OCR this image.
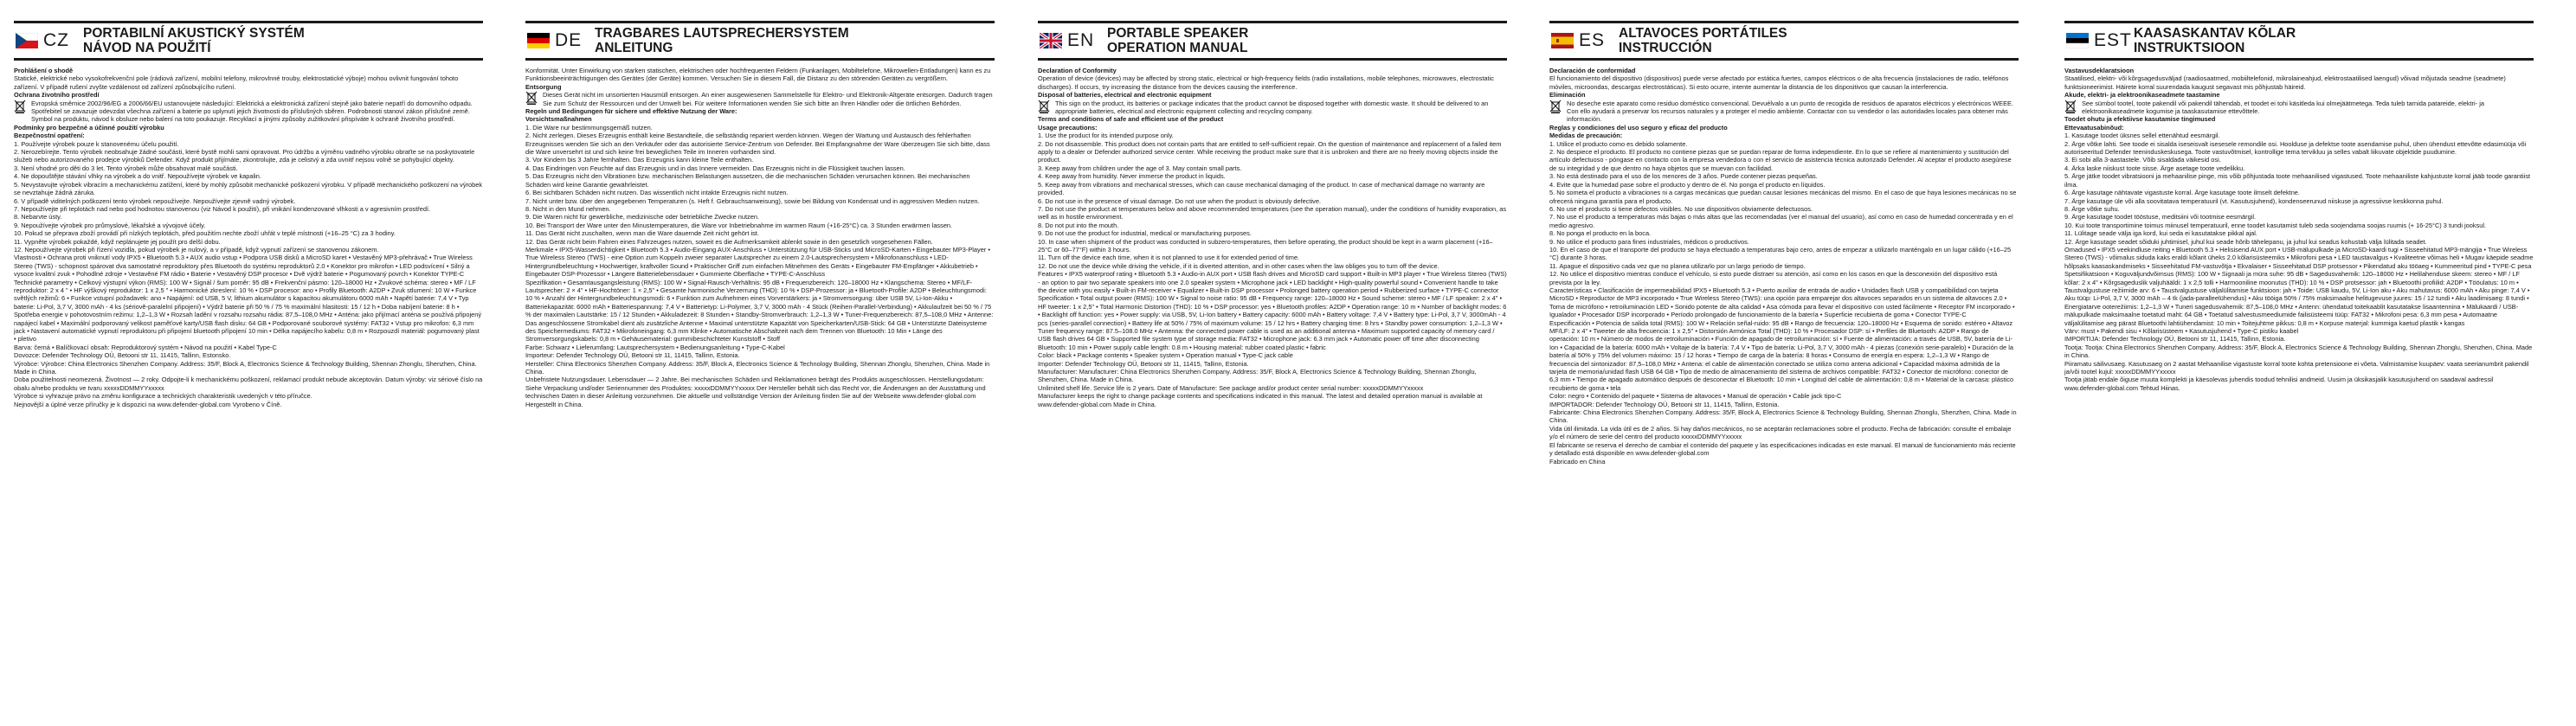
CZ	PORTABILNÍ AKUSTICKÝ SYSTÉM
NÁVOD NA POUŽITÍ

Prohlášení o shodě

Statické, elektrické nebo vysokofrekvenční pole (rádiová zařízení, mobilní telefony, mikrovlnné trouby, elektrostatické výboje) mohou ovlivnit fungování tohoto zařízení. V případě rušení zvyšte vzdálenost od zařízení způsobujícího rušení.

Ochrana životního prostředí

Evropská směrnice 2002/96/EG a 2006/66/EU ustanovujete následující: Elektrická a elektronická zařízení stejně jako baterie nepatří do domovního odpadu. Spotřebitel se zavazuje odevzdat všechna zařízení a baterie po uplynutí jejich životnosti do příslušných sběren. Podrobnosti stanoví zákon příslušné země. Symbol na produktu, návod k obsluze nebo balení na toto poukazuje. Recyklací a jinými způsoby zužitkování přispíváte k ochraně životního prostředí.

Podmínky pro bezpečné a účinné použití výrobku

Bezpečnostní opatření:

1. Používejte výrobek pouze k stanovenému účelu použití.

2. Nerozebírejte. Tento výrobek neobsahuje žádné součásti, které bystě mohli sami opravovat. Pro údržbu a výměnu vadného výrobku obraťte se na poskytovatele služeb nebo autorizovaného prodejce výrobků Defender. Když produkt přijímáte, zkontrolujte, zda je celistvý a zda uvnitř nejsou volně se pohybující objekty.

3. Není vhodné pro děti do 3 let. Tento výrobek může obsahovat malé součásti.

4. Ne dopouštějte stávání vlhky na výrobek a do vnitř. Nepoužívejte výrobek ve kapalin.

5. Nevystavujte výrobek vibracím a mechanickému zatížení, které by mohly způsobit mechanické poškození výrobku. V případě mechanického poškození na výrobek se nevztahuje žádná záruka.

6. V případě viditelných poškození tento výrobek nepoužívejte. Nepoužívejte zjevně vadný výrobek.

7. Nepoužívejte při teplotách nad nebo pod hodnotou stanovenou (viz Návod k použití), při vnikání kondenzované vlhkosti a v agresivním prostředí.

8. Nebarvte ústy.

9. Nepoužívejte výrobek pro průmyslové, lékařské a vývojové účely.

10. Pokud se přeprava zboží provádí při nízkých teplotách, před použitím nechte zboží uhřát v teplé místnosti (+16–25 °C) za 3 hodiny.

11. Vypněte výrobek pokaždé, když neplánujete jej použít pro delší dobu.

12. Nepoužívejte výrobek při řízení vozidla, pokud výrobek je nulový, a v případě, když vypnutí zařízení se stanovenou zákonem.

Vlastnosti • Ochrana proti vniknutí vody IPX5 • Bluetooth 5.3 • AUX audio vstup • Podpora USB disků a MicroSD karet • Vestavěný MP3-přehrávač • True Wireless Stereo (TWS) - schopnost spárovat dva samostatné reproduktory přes Bluetooth do systému reproduktorů 2.0 • Konektor pro mikrofon • LED podsvícení • Silný a vysoce kvalitní zvuk • Pohodlné zdroje • Vestavěné FM rádio • Baterie • Vestavěný DSP procesor • Dvě výdrž baterie • Pogumovaný povrch • Konektor TYPE-C

Technické parametry • Celkový výstupní výkon (RMS): 100 W • Signál / šum poměr: 95 dB • Frekvenční pásmo: 120–18000 Hz • Zvukové schéma: stereo • MF / LF reproduktor: 2 x 4 " • HF výškový reproduktor: 1 x 2,5 " • Harmonické zkreslení: 10 % • DSP procesor: ano • Profily Bluetooth: A2DP • Zvuk stlumení: 10 W • Funkce světlých režimů: 6 • Funkce vstupní požadavek: ano • Napájení: od USB, 5 V, lithium akumulátor s kapacitou akumulátoru 6000 mAh • Napětí baterie: 7,4 V • Typ baterie: Li-Pol, 3,7 V, 3000 mAh - 4 ks (sériově-paralelní připojení) • Výdrž baterie při 50 % / 75 % maximální hlasitosti: 15 / 12 h • Doba nabíjení baterie: 8 h • Spotřeba energie v pohotovostním režimu: 1,2–1,3 W • Rozsah ladění v rozsahu rozsahu rádia: 87,5–108,0 MHz • Anténa: jako přijímací anténa se používá připojený napájecí kabel • Maximální podporovaný velikost paměťové karty/USB flash disku: 64 GB • Podporované souborové systémy: FAT32 • Vstup pro mikrofon: 6,3 mm jack • Nastavení automatické vypnutí reproduktoru při připojení bluetooth přípojení 10 min • Délka napájecího kabelu: 0,8 m • Rozpouzdí materiál: pogumovaný plast • pletivo

Barva: černá • Balíčkovací obsah: Reproduktorový systém • Návod na použití • Kabel Type-C

Dovozce: Defender Technology OÜ, Betooni str 11, 11415, Tallinn, Estonsko.

Výrobce: Výrobce: China Electronics Shenzhen Company. Address: 35/F, Block A, Electronics Science & Technology Building, Shennan Zhonglu, Shenzhen, China. Made in China.

Doba použitelnosti neomezená. Životnost — 2 roky. Odpojte-li k mechanickému poškození, reklamací produkt nebude akceptován. Datum výroby: viz sériové číslo na obalu a/nebo produktu ve tvaru xxxxxDDMMYYxxxxx

Výrobce si vyhrazuje právo na změnu konfigurace a technických charakteristik uvedených v této příručce.

Nejnovější a úplné verze příručky je k dispozici na www.defender-global.com Vyrobeno v Číně.

DE TRAGBARES LAUTSPRECHERSYSTEM
ANLEITUNG

Konformität. Unter Einwirkung von starken statischen, elektrischen oder hochfrequenten Feldern (Funkanlagen, Mobiltelefone, Mikrowellen-Entladungen) kann es zu Funktionsbeeinträchtigungen des Gerätes (der Geräte) kommen. Versuchen Sie in diesem Fall, die Distanz zu den störenden Geräten zu vergrößern.

Entsorgung

Dieses Gerät nicht im unsortierten Hausmüll entsorgen. An einer ausgewiesenen Sammelstelle für Elektro- und Elektronik-Altgeräte entsorgen. Dadurch tragen Sie zum Schutz der Ressourcen und der Umwelt bei. Für weitere Informationen wenden Sie sich bitte an Ihren Händler oder die örtlichen Behörden.

Regeln und Bedingungen für sichere und effektive Nutzung der Ware:

Vorsichtsmaßnahmen

1. Die Ware nur bestimmungsgemäß nutzen.

2. Nicht zerlegen. Dieses Erzeugnis enthält keine Bestandteile, die selbständig repariert werden können. Wegen der Wartung und Austausch des fehlerhaften Erzeugnisses wenden Sie sich an den Verkäufer oder das autorisierte Service-Zentrum von Defender. Bei Empfangnahme der Ware überzeugen Sie sich bitte, dass die Ware unversehrt ist und sich keine frei beweglichen Teile im Inneren vorhanden sind.

3. Vor Kindern bis 3 Jahre fernhalten. Das Erzeugnis kann kleine Teile enthalten.

4. Das Eindringen von Feuchte auf das Erzeugnis und in das Innere vermeiden. Das Erzeugnis nicht in die Flüssigkeit tauchen lassen.

5. Das Erzeugnis nicht den Vibrationen bzw. mechanischen Belastungen aussetzen, die die mechanischen Schäden verursachen können. Bei mechanischen Schäden wird keine Garantie gewährleistet.

6. Bei sichtbaren Schäden nicht nutzen. Das wissentlich nicht intakte Erzeugnis nicht nutzen.

7. Nicht unter bzw. über den angegebenen Temperaturen (s. Heft f. Gebrauchsanweisung), sowie bei Bildung von Kondensat und in aggressiven Medien nutzen.

8. Nicht in den Mund nehmen.

9. Die Waren nicht für gewerbliche, medizinische oder betriebliche Zwecke nutzen.

10. Bei Transport der Ware unter den Minustemperaturen, die Ware vor Inbetriebnahme im warmen Raum (+16-25°C) ca. 3 Stunden erwärmen lassen.

11. Das Gerät nicht zuschalten, wenn man die Ware dauernde Zeit nicht gehört ist.

12. Das Gerät nicht beim Fahren eines Fahrzeuges nutzen, soweit es die Aufmerksamkeit ablenkt sowie in den gesetzlich vorgesehenen Fällen.

Merkmale • IPX5-Wasserdichtigkeit • Bluetooth 5.3 • Audio-Eingang AUX-Anschluss • Unterstützung für USB-Sticks und MicroSD-Karten • Eingebauter MP3-Player • True Wireless Stereo (TWS) - eine Option zum Koppeln zweier separater Lautsprecher zu einem 2.0-Lautsprechersystem • Mikrofonanschluss • LED-Hintergrundbeleuchtung • Hochwertiger, kraftvoller Sound • Praktischer Griff zum einfachen Mitnehmen des Geräts • Eingebauter FM-Empfänger • Akkubetrieb • Eingebauter DSP-Prozessor • Längere Batterielebensdauer • Gummierte Oberfläche • TYPE-C-Anschluss

Spezifikation • Gesamtausgangsleistung (RMS): 100 W • Signal-Rausch-Verhältnis: 95 dB • Frequenzbereich: 120–18000 Hz • Klangschema: Stereo • MF/LF-Lautsprecher: 2 × 4" • HF-Hochtöner: 1 × 2,5" • Gesamte harmonische Verzerrung (THD): 10 % • DSP-Prozessor: ja • Bluetooth-Profile: A2DP • Beleuchtungsmodi: 10 % • Anzahl der Hintergrundbeleuchtungsmodi: 6 • Funktion zum Aufnehmen eines Vorverstärkers: ja • Stromversorgung: über USB 5V, Li-Ion-Akku • Batteriekapazität: 6000 mAh • Batteriespannung: 7,4 V • Batterietyp: Li-Polymer, 3,7 V, 3000 mAh - 4 Stück (Reihen-Parallel-Verbindung) • Akkulaufzeit bei 50 % / 75 % der maximalen Lautstärke: 15 / 12 Stunden • Akkuladezeit: 8 Stunden • Standby-Stromverbrauch: 1,2–1,3 W • Tuner-Frequenzbereich: 87,5–108,0 MHz • Antenne: Das angeschlossene Stromkabel dient als zusätzliche Antenne • Maximal unterstützte Kapazität von Speicherkarten/USB-Stick: 64 GB • Unterstützte Dateisysteme des Speichermediums: FAT32 • Mikrofoneingang: 6,3 mm Klinke • Automatische Abschaltzeit nach dem Trennen von Bluetooth: 10 Min • Länge des Stromversorgungskabels: 0,8 m • Gehäusematerial: gummibeschichteter Kunststoff • Stoff

Farbe: Schwarz • Lieferumfang: Lautsprechersystem • Bedienungsanleitung • Type-C-Kabel

Importeur: Defender Technology OÜ, Betooni str 11, 11415, Tallinn, Estonia.

Hersteller: China Electronics Shenzhen Company. Address: 35/F, Block A, Electronics Science & Technology Building, Shennan Zhonglu, Shenzhen, China. Made in China.

Unbefristete Nutzungsdauer. Lebensdauer — 2 Jahre. Bei mechanischen Schäden und Reklamationen beträgt des Produkts ausgeschlossen. Herstellungsdatum: Siehe Verpackung und/oder Seriennummer des Produktes: xxxxxDDMMYYxxxxx Der Hersteller behält sich das Recht vor, die Änderungen an der Ausstattung und technischen Daten in dieser Anleitung vorzunehmen. Die aktuelle und vollständige Version der Anleitung finden Sie auf der Webseite www.defender-global.com Hergestellt in China.

EN PORTABLE SPEAKER
OPERATION MANUAL

Declaration of Conformity

Operation of device (devices) may be affected by strong static, electrical or high-frequency fields (radio installations, mobile telephones, microwaves, electrostatic discharges). If occurs, try increasing the distance from the devices causing the interference.

Disposal of batteries, electrical and electronic equipment

This sign on the product, its batteries or package indicates that the product cannot be disposed together with domestic waste. It should be delivered to an appropriate batteries, electrical and electronic equipment collecting and recycling company.

Terms and conditions of safe and efficient use of the product

Usage precautions:

1. Use the product for its intended purpose only.

2. Do not disassemble. This product does not contain parts that are entitled to self-sufficient repair. On the question of maintenance and replacement of a failed item apply to a dealer or Defender authorized service center. While receiving the product make sure that it is unbroken and there are no freely moving objects inside the product.

3. Keep away from children under the age of 3. May contain small parts.

4. Keep away from humidity. Never immerse the product in liquids.

5. Keep away from vibrations and mechanical stresses, which can cause mechanical damaging of the product. In case of mechanical damage no warranty are provided.

6. Do not use in the presence of visual damage. Do not use when the product is obviously defective.

7. Do not use the product at temperatures below and above recommended temperatures (see the operation manual), under the conditions of humidity evaporation, as well as in hostile environment.

8. Do not put into the mouth.

9. Do not use the product for industrial, medical or manufacturing purposes.

10. In case when shipment of the product was conducted in subzero-temperatures, then before operating, the product should be kept in a warm placement (+16–25°C or 60–77°F) within 3 hours.

11. Turn off the device each time, when it is not planned to use it for extended period of time.

12. Do not use the device while driving the vehicle, if it is diverted attention, and in other cases when the law obliges you to turn off the device.

Features • IPX5 waterproof rating • Bluetooth 5.3 • Audio-in AUX port • USB flash drives and MicroSD card support • Built-in MP3 player • True Wireless Stereo (TWS) - an option to pair two separate speakers into one 2.0 speaker system • Microphone jack • LED backlight • High-quality powerful sound • Convenient handle to take the device with you easily • Built-in FM-receiver • Equalizer • Built-in DSP processor • Prolonged battery operation period • Rubberized surface • TYPE-C connector

Specification • Total output power (RMS): 100 W • Signal to noise ratio: 95 dB • Frequency range: 120–18000 Hz • Sound scheme: stereo • MF / LF speaker: 2 x 4" • HF tweeter: 1 x 2,5" • Total Harmonic Distortion (THD): 10 % • DSP processor: yes • Bluetooth profiles: A2DP • Operation range: 10 m • Number of backlight modes: 6 • Backlight off function: yes • Power supply: via USB, 5V, Li-Ion battery • Battery capacity: 6000 mAh • Battery voltage: 7,4 V • Battery type: Li-Pol, 3,7 V, 3000mAh - 4 pcs (series-parallel connection) • Battery life at 50% / 75% of maximum volume: 15 / 12 hrs • Battery charging time: 8 hrs • Standby power consumption: 1,2–1,3 W • Tuner frequency range: 87.5–108.0 MHz • Antenna: the connected power cable is used as an additional antenna • Maximum supported capacity of memory card / USB flash drives 64 GB • Supported file system type of storage media: FAT32 • Microphone jack: 6.3 mm jack • Automatic power off time after disconnecting Bluetooth: 10 min • Power supply cable length: 0.8 m • Housing material: rubber coated plastic • fabric

Color: black • Package contents • Speaker system • Operation manual • Type-C jack cable

Importer: Defender Technology OÜ, Betooni str 11, 11415, Tallinn, Estonia.

Manufacturer: Manufacturer: China Electronics Shenzhen Company. Address: 35/F, Block A, Electronics Science & Technology Building, Shennan Zhonglu, Shenzhen, China. Made in China.

Unlimited shelf life. Service life is 2 years. Date of Manufacture: See package and/or product center serial number: xxxxxDDMMYYxxxxx

Manufacturer keeps the right to change package contents and specifications indicated in this manual. The latest and detailed operation manual is available at www.defender-global.com Made in China.

ES	ALTAVOCES PORTÁTILES
INSTRUCCIÓN

Declaración de conformidad

El funcionamiento del dispositivo (dispositivos) puede verse afectado por estática fuertes, campos eléctricos o de alta frecuencia (instalaciones de radio, teléfonos móviles, microondas, descargas electrostáticas). Si esto ocurre, intente aumentar la distancia de los dispositivos que causan la interferencia.

Eliminación

No deseche este aparato como residuo doméstico convencional. Devuélvalo a un punto de recogida de residuos de aparatos eléctricos y electrónicos WEEE. Con ello ayudará a preservar los recursos naturales y a proteger el medio ambiente. Contactar con su vendedor o las autoridades locales para obtener más información.

Reglas y condiciones del uso seguro y eficaz del producto

Medidas de precaución:

1. Utilice el producto como es debido solamente.

2. No despiece el producto. El producto no contiene piezas que se puedan reparar de forma independiente. En lo que se refiere al mantenimiento y sustitución del artículo defectuoso - póngase en contacto con la empresa vendedora o con el servicio de asistencia técnica autorizado Defender. Al aceptar el producto asegúrese de su integridad y de que dentro no haya objetos que se muevan con facilidad.

3. No está destinado para el uso de los menores de 3 años. Puede contener piezas pequeñas.

4. Evite que la humedad pase sobre el producto y dentro de él. No ponga el producto en líquidos.

5. No someta el producto a vibraciones ni a cargas mecánicas que puedan causar lesiones mecánicas del mismo. En el caso de que haya lesiones mecánicas no se ofrecerá ninguna garantía para el producto.

6. No use el producto si tiene defectos visibles. No use dispositivos obviamente defectuosos.

7. No use el producto a temperaturas más bajas o más altas que las recomendadas (ver el manual del usuario), así como en caso de humedad concentrada y en el medio agresivo.

8. No ponga el producto en la boca.

9. No utilice el producto para fines industriales, médicos o productivos.

10. En el caso de que el transporte del producto se haya efectuado a temperaturas bajo cero, antes de empezar a utilizarlo manténgalo en un lugar cálido (+16–25 °C) durante 3 horas.

11. Apague el dispositivo cada vez que no planea utilizarlo por un largo periodo de tiempo.

12. No utilice el dispositivo mientras conduce el vehículo, si esto puede distraer su atención, así como en los casos en que la desconexión del dispositivo está prevista por la ley.

Características • Clasificación de impermeabilidad IPX5 • Bluetooth 5.3 • Puerto auxiliar de entrada de audio • Unidades flash USB y compatibilidad con tarjeta MicroSD • Reproductor de MP3 incorporado • True Wireless Stereo (TWS): una opción para emparejar dos altavoces separados en un sistema de altavoces 2.0 • Toma de micrófono • retroiluminación LED • Sonido potente de alta calidad • Asa cómoda para llevar el dispositivo con usted fácilmente • Receptor FM incorporado • Igualador • Procesador DSP incorporado • Período prolongado de funcionamiento de la batería • Superficie recubierta de goma • Conector TYPE-C

Especificación • Potencia de salida total (RMS): 100 W • Relación señal-ruido: 95 dB • Rango de frecuencia: 120–18000 Hz • Esquema de sonido: estéreo • Altavoz MF/LF: 2 x 4" • Tweeter de alta frecuencia: 1 x 2,5" • Distorsión Armónica Total (THD): 10 % • Procesador DSP: sí • Perfiles de Bluetooth: A2DP • Rango de operación: 10 m • Número de modos de retroiluminación • Función de apagado de retroiluminación: sí • Fuente de alimentación: a través de USB, 5V, batería de Li-Ion • Capacidad de la batería: 6000 mAh • Voltaje de la batería: 7,4 V • Tipo de batería: Li-Pol, 3,7 V, 3000 mAh - 4 piezas (conexión serie-paralelo) • Duración de la batería al 50% y 75% del volumen máximo: 15 / 12 horas • Tiempo de carga de la batería: 8 horas • Consumo de energía en espera: 1,2–1,3 W • Rango de frecuencia del sintonizador: 87,5–108,0 MHz • Antena: el cable de alimentación conectado se utiliza como antena adicional • Capacidad máxima admitida de la tarjeta de memoria/unidad flash USB 64 GB • Tipo de medio de almacenamiento del sistema de archivos compatible: FAT32 • Conector de micrófono: conector de 6,3 mm • Tiempo de apagado automático después de desconectar el Bluetooth: 10 min • Longitud del cable de alimentación: 0,8 m • Material de la carcasa: plástico recubierto de goma • tela

Color: negro • Contenido del paquete • Sistema de altavoces • Manual de operación • Cable jack tipo-C

IMPORTADOR: Defender Technology OÜ, Betooni str 11, 11415, Tallinn, Estonia.

Fabricante: China Electronics Shenzhen Company. Address: 35/F, Block A, Electronics Science & Technology Building, Shennan Zhonglu, Shenzhen, China. Made in China.

Vida útil ilimitada. La vida útil es de 2 años. Si hay daños mecánicos, no se aceptarán reclamaciones sobre el producto. Fecha de fabricación: consulte el embalaje y/o el número de serie del centro del producto xxxxxDDMMYYxxxxx

El fabricante se reserva el derecho de cambiar el contenido del paquete y las especificaciones indicadas en este manual. El manual de funcionamiento más reciente y detallado está disponible en www.defender-global.com

Fabricado en China

EST KAASASKANTAV KÕLAR
INSTRUKTSIOON

Vastavusdeklaratsioon

Staatilised, elektri- või kõrgsagedusväljad (raadiosaatmed, mobiiltelefonid, mikrolaineahjud, elektrostaatilised laengud) võivad mõjutada seadme (seadmete) funktsioneerimist. Häirete korral suurendada kaugust segavast mis põhjustab häireid.

Akude, elektri- ja elektroonikaseadmete taastamine

See sümbol tootel, toote pakendil või pakendil tähendab, et toodet ei tohi käsitleda kui olmejäätmetega. Teda tuleb tarnida patareide, elektri- ja elektroonikaseadmete kogumise ja taaskasutamise ettevõttele.

Toodet ohutu ja efektiivse kasutamise tingimused

Ettevaatusabinõud:

1. Kasutage toodet üksnes sellel ettenähtud eesmärgil.

2. Ärge võtke lahti. See toode ei sisalda iseseisvalt isesesele remondile osi. Hoolduse ja defektse toote asendamise puhul, ühen ühendust ettevõtte edasimüüja või autoriseeritud Defender teeninduskeskusega. Toote vastuvõtmisel, kontrollige tema tervikluu ja selles vabalt liikuvate objektide puudumine.

3. Ei sobi alla 3-aastastele. Võib sisaldada väikesid osi.

4. Ärka laske niiskust toote sisse. Ärge asetage toote vedelikku.

5. Ärge jätke toodet vibratsiooni ja mehaanilise pinge, mis võib põhjustada toote mehaanilised vigastused. Toote mehaaniliste kahjustuste korral jääb toode garantiist ilma.

6. Ärge kasutage nähtavate vigastuste korral. Ärge kasutage toote ilmselt defektne.

7. Ärge kasutage üle või alla soovitatava temperatuuril (vt. Kasutusjuhend), kondenseerunud niiskuse ja agressiivse keskkonna puhul.

8. Ärge võtke suhu.

9. Ärge kasutage toodet tööstuse, meditsiini või tootmise eesmärgil.

10. Kui toote transportimine toimus miinusel temperatuuril, enne toodet kasutamist tuleb seda soojendama soojas ruumis (+ 16-25°C) 3 tundi jooksul.

11. Lülitage seade välja iga kord, kui seda ei kasutatakse pikkal ajal.

12. Ärge kasutage seadet sõiduki juhtimisel, juhul kui seade hõrib tähelepanu, ja juhul kui seadus kohustab välja lülitada seadet.

Omadused • IPX5 veekindluse reiting • Bluetooth 5.3 • Helisisend AUX port • USB-mälupulkade ja MicroSD-kaardi tugi • Sisseehitatud MP3-mängija • True Wireless Stereo (TWS) - võimalus siduda kaks eraldi kõlarit üheks 2.0 kõlarisüsteemiks • Mikrofoni pesa • LED taustavalgus • Kvaliteetne võimas heli • Mugav käepide seadme hõlpsaks kaasaskandmiseks • Sisseehitatud FM-vastuvõtja • Ekvalaiser • Sisseehitatud DSP protsessor • Pikendatud aku tööaeg • Kummeeritud pind • TYPE-C pesa

Spetsifikatsioon • Koguväljundvõimsus (RMS): 100 W • Signaali ja müra suhe: 95 dB • Sagedusvahemik: 120–18000 Hz • Helilahenduse skeem: stereo • MF / LF kõlar: 2 x 4" • Kõrgsageduslik valjuhääldi: 1 x 2,5 tolli • Harmooniline moonutus (THD): 10 % • DSP protsessor: jah • Bluetoothi profiilid: A2DP • Tööulatus: 10 m • Taustvalgustuse režiimide arv: 6 • Taustvalgustuse väljalülitamise funktsioon: jah • Toide: USB kaudu, 5V, Li-Ion aku • Aku mahutavus: 6000 mAh • Aku pinge: 7,4 V • Aku tüüp: Li-Pol, 3,7 V, 3000 mAh – 4 tk (jada-paralleelühendus) • Aku tööiga 50% / 75% maksimaalse helitugevuse juures: 15 / 12 tundi • Aku laadimisaeg: 8 tundi • Energiatarve ooterežiimis: 1,2–1,3 W • Tuneri sagedusvahemik: 87,5–108,0 MHz • Antenn: ühendatud toitekaablit kasutatakse lisaantennina • Mälukaardi / USB-mälupulkade maksimaalne toetatud maht: 64 GB • Toetatud salvestusmeediumide failisüsteemi tüüp: FAT32 • Mikrofoni pesa: 6,3 mm pesa • Automaatne väljalülitamise aeg pärast Bluetoothi lahtiühendamist: 10 min • Toitejuhtme pikkus: 0,8 m • Korpuse materjal: kummiga kaetud plastik • kangas

Värv: must • Pakendi sisu • Kõlarisüsteem • Kasutusjuhend • Type-C pistiku kaabel

IMPORTIJA: Defender Technology OÜ, Betooni str 11, 11415, Tallinn, Estonia.

Tootja: Tootja: China Electronics Shenzhen Company. Address: 35/F, Block A, Electronics Science & Technology Building, Shennan Zhonglu, Shenzhen, China. Made in China.

Piiramatu säilivusaeg. Kasutusaeg on 2 aastat Mehaanilise vigastuste korral toote kohta pretensioone ei võeta. Valmistamise kuupäev: vaata seerianumbrit pakendil ja/või tootel kujul: xxxxxDDMMYYxxxxx

Tootja jätab endale õiguse muuta komplekti ja käesolevas juhendis toodud tehnilisi andmeid. Uusim ja üksikasjalik kasutusjuhend on saadaval aadressil www.defender-global.com Tehtud Hiinas.
